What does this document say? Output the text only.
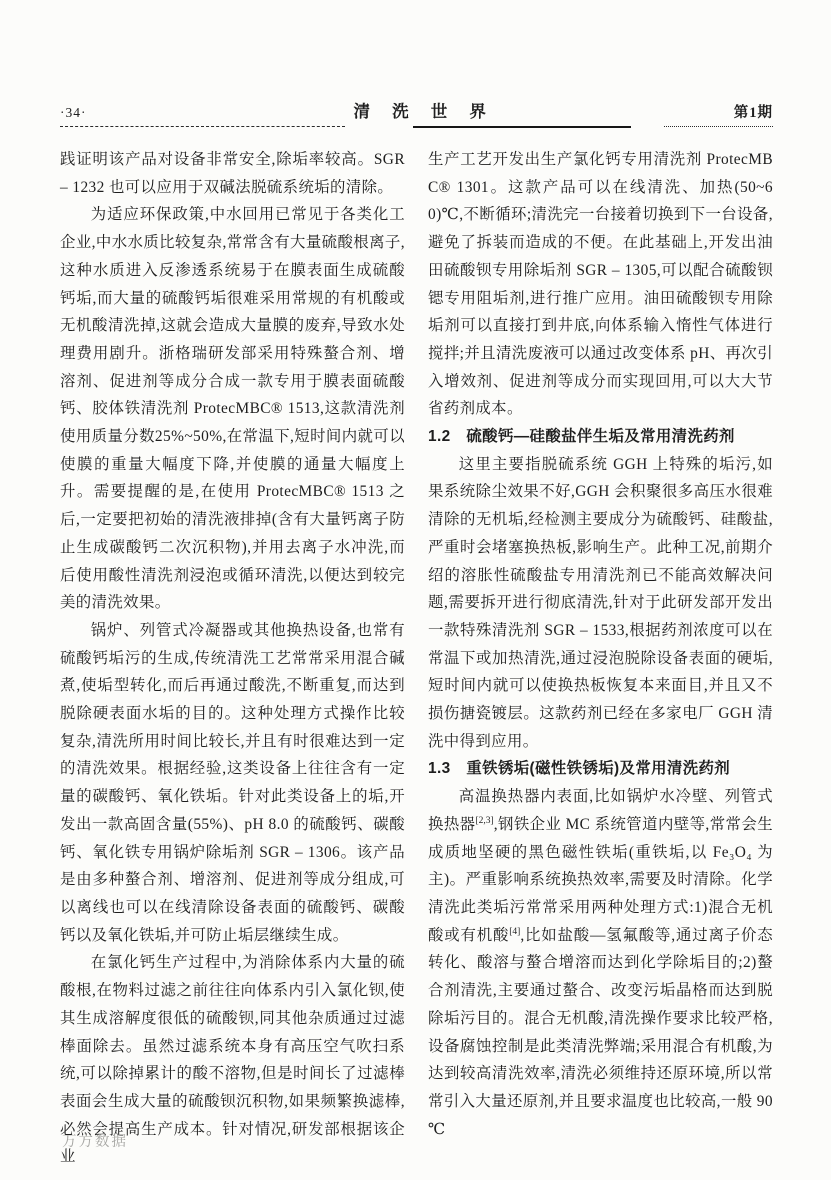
·34·	清 洗 世 界	第1期

践证明该产品对设备非常安全,除垢率较高。SGR – 1232 也可以应用于双碱法脱硫系统垢的清除。

为适应环保政策,中水回用已常见于各类化工企业,中水水质比较复杂,常常含有大量硫酸根离子,这种水质进入反渗透系统易于在膜表面生成硫酸钙垢,而大量的硫酸钙垢很难采用常规的有机酸或无机酸清洗掉,这就会造成大量膜的废弃,导致水处理费用剧升。浙格瑞研发部采用特殊螯合剂、增溶剂、促进剂等成分合成一款专用于膜表面硫酸钙、胶体铁清洗剂 ProtecMBC® 1513,这款清洗剂使用质量分数25%~50%,在常温下,短时间内就可以使膜的重量大幅度下降,并使膜的通量大幅度上升。需要提醒的是,在使用 ProtecMBC® 1513 之后,一定要把初始的清洗液排掉(含有大量钙离子防止生成碳酸钙二次沉积物),并用去离子水冲洗,而后使用酸性清洗剂浸泡或循环清洗,以便达到较完美的清洗效果。

锅炉、列管式冷凝器或其他换热设备,也常有硫酸钙垢污的生成,传统清洗工艺常常采用混合碱煮,使垢型转化,而后再通过酸洗,不断重复,而达到脱除硬表面水垢的目的。这种处理方式操作比较复杂,清洗所用时间比较长,并且有时很难达到一定的清洗效果。根据经验,这类设备上往往含有一定量的碳酸钙、氧化铁垢。针对此类设备上的垢,开发出一款高固含量(55%)、pH 8.0 的硫酸钙、碳酸钙、氧化铁专用锅炉除垢剂 SGR – 1306。该产品是由多种螯合剂、增溶剂、促进剂等成分组成,可以离线也可以在线清除设备表面的硫酸钙、碳酸钙以及氧化铁垢,并可防止垢层继续生成。

在氯化钙生产过程中,为消除体系内大量的硫酸根,在物料过滤之前往往向体系内引入氯化钡,使其生成溶解度很低的硫酸钡,同其他杂质通过过滤棒面除去。虽然过滤系统本身有高压空气吹扫系统,可以除掉累计的酸不溶物,但是时间长了过滤棒表面会生成大量的硫酸钡沉积物,如果频繁换滤棒,必然会提高生产成本。针对情况,研发部根据该企业

生产工艺开发出生产氯化钙专用清洗剂 ProtecMBC® 1301。这款产品可以在线清洗、加热(50~60)℃,不断循环;清洗完一台接着切换到下一台设备,避免了拆装而造成的不便。在此基础上,开发出油田硫酸钡专用除垢剂 SGR – 1305,可以配合硫酸钡锶专用阻垢剂,进行推广应用。油田硫酸钡专用除垢剂可以直接打到井底,向体系输入惰性气体进行搅拌;并且清洗废液可以通过改变体系 pH、再次引入增效剂、促进剂等成分而实现回用,可以大大节省药剂成本。

1.2　硫酸钙—硅酸盐伴生垢及常用清洗药剂

这里主要指脱硫系统 GGH 上特殊的垢污,如果系统除尘效果不好,GGH 会积聚很多高压水很难清除的无机垢,经检测主要成分为硫酸钙、硅酸盐,严重时会堵塞换热板,影响生产。此种工况,前期介绍的溶胀性硫酸盐专用清洗剂已不能高效解决问题,需要拆开进行彻底清洗,针对于此研发部开发出一款特殊清洗剂 SGR – 1533,根据药剂浓度可以在常温下或加热清洗,通过浸泡脱除设备表面的硬垢,短时间内就可以使换热板恢复本来面目,并且又不损伤搪瓷镀层。这款药剂已经在多家电厂 GGH 清洗中得到应用。

1.3　重铁锈垢(磁性铁锈垢)及常用清洗药剂

高温换热器内表面,比如锅炉水冷壁、列管式换热器[2,3],钢铁企业 MC 系统管道内壁等,常常会生成质地坚硬的黑色磁性铁垢(重铁垢,以 Fe₃O₄ 为主)。严重影响系统换热效率,需要及时清除。化学清洗此类垢污常常采用两种处理方式:1)混合无机酸或有机酸[4],比如盐酸—氢氟酸等,通过离子价态转化、酸溶与螯合增溶而达到化学除垢目的;2)螯合剂清洗,主要通过螯合、改变污垢晶格而达到脱除垢污目的。混合无机酸,清洗操作要求比较严格,设备腐蚀控制是此类清洗弊端;采用混合有机酸,为达到较高清洗效率,清洗必须维持还原环境,所以常常引入大量还原剂,并且要求温度也比较高,一般 90 ℃

万方数据
